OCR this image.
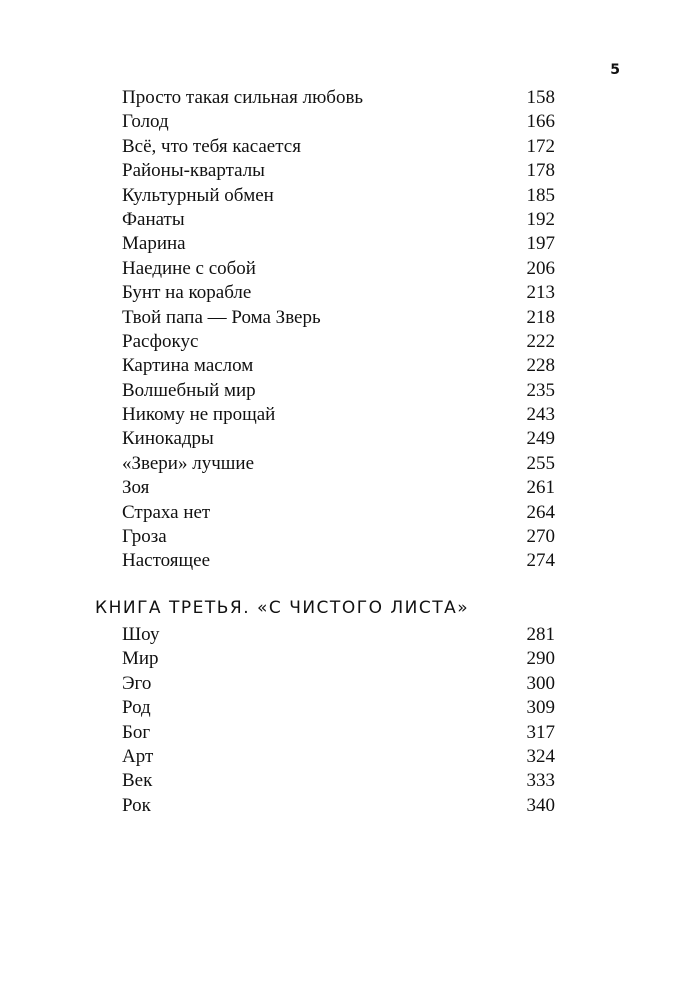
5
Просто такая сильная любовь	158
Голод	166
Всё, что тебя касается	172
Районы-кварталы	178
Культурный обмен	185
Фанаты	192
Марина	197
Наедине с собой	206
Бунт на корабле	213
Твой папа — Рома Зверь	218
Расфокус	222
Картина маслом	228
Волшебный мир	235
Никому не прощай	243
Кинокадры	249
«Звери» лучшие	255
Зоя	261
Страха нет	264
Гроза	270
Настоящее	274
КНИГА ТРЕТЬЯ. «С ЧИСТОГО ЛИСТА»
Шоу	281
Мир	290
Эго	300
Род	309
Бог	317
Арт	324
Век	333
Рок	340
